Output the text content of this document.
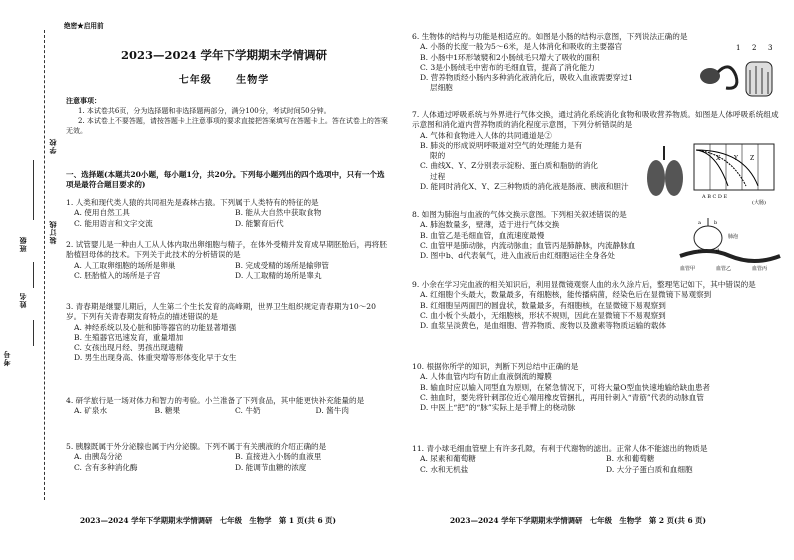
学校
装订线
班级
姓名
考号
绝密★启用前
2023—2024 学年下学期期末学情调研
七年级 生物学
注意事项：

1. 本试卷共6页，分为选择题和非选择题两部分，满分100分，考试时间50分钟。

2. 本试卷上不要答题，请按答题卡上注意事项的要求直接把答案填写在答题卡上。答在试卷上的答案无效。

一、选择题(本题共20小题，每小题1分，共20分。下列每小题列出的四个选项中，只有一个选项是最符合题目要求的)

1. 人类和现代类人猿的共同祖先是森林古猿。下列属于人类特有的特征的是

A. 使用自然工具	B. 能从大自然中获取食物
C. 能用语言和文字交流	D. 能繁育后代

2. 试管婴儿是一种由人工从人体内取出卵细胞与精子，在体外受精并发育成早期胚胎后，再将胚胎植回母体的技术。下列关于此技术的分析错误的是

A. 人工取卵细胞的场所是卵巢	B. 完成受精的场所是输卵管
C. 胚胎植入的场所是子宫	D. 人工取精的场所是睾丸

3. 青春期是继婴儿期后，人生第二个生长发育的高峰期，世界卫生组织规定青春期为10～20岁。下列有关青春期发育特点的描述错误的是

A. 神经系统以及心脏和肺等器官的功能显著增强

B. 生殖器官迅速发育，重量增加

C. 女孩出现月经、男孩出现遗精

D. 男生出现身高、体重突增等形体变化早于女生

4. 研学旅行是一场对体力和智力的考验。小兰准备了下列食品，其中能更快补充能量的是

A. 矿泉水	B. 糖果	C. 牛奶	D. 酱牛肉

5. 胰腺既属于外分泌腺也属于内分泌腺。下列不属于有关胰液的介绍正确的是

A. 由胰岛分泌	B. 直接进入小肠的血液里
C. 含有多种消化酶	D. 能调节血糖的浓度
2023—2024 学年下学期期末学情调研　七年级　生物学　第 1 页(共 6 页)

6. 生物体的结构与功能是相适应的。如图是小肠的结构示意图，下列说法正确的是

A. 小肠的长度一般为5～6米，是人体消化和吸收的主要器官

B. 小肠中1环形皱襞和2小肠绒毛只增大了吸收的面积

C. 3是小肠绒毛中密布的毛细血管，提高了消化能力

D. 营养物质经小肠内多种消化液消化后，吸收入血液需要穿过1

层细胞

1 2 3

7. 人体通过呼吸系统与外界进行气体交换，通过消化系统消化食物和吸收营养物质。如图是人体呼吸系统组成示意图和消化道内营养物质的消化程度示意图，下列分析错误的是

A. 气体和食物进入人体的共同通道是②

B. 肺炎的形成说明呼吸道对空气的处理能力是有

限的

C. 曲线X、Y、Z分别表示淀粉、蛋白质和脂肪的消化

过程

D. 能同时消化X、Y、Z三种物质的消化液是肠液、胰液和胆汁

X Y Z
A B C D E
(大肠)

8. 如图为肺泡与血液的气体交换示意图。下列相关叙述错误的是

A. 肺泡数量多，壁薄，适于进行气体交换

B. 血管乙是毛细血管，血流速度最慢

C. 血管甲是肺动脉，内流动脉血；血管丙是肺静脉，内流静脉血

D. 图中b、d代表氧气，进入血液后由红细胞运往全身各处

a	b
c	d
肺泡
血管甲	血管乙	血管丙

9. 小余在学习完血液的相关知识后，利用显微镜观察人血的永久涂片后，整理笔记如下，其中错误的是

A. 红细胞个头最大，数量最多，有细胞核，能传播病菌，经染色后在显微镜下易观察到

B. 红细胞呈两面凹的圆盘状，数量最多，有细胞核，在显微镜下易观察到

C. 血小板个头最小，无细胞核，形状不规则，因此在显微镜下不易观察到

D. 血浆呈淡黄色，是血细胞、营养物质、废物以及激素等物质运输的载体

10. 根据你所学的知识，判断下列总结中正确的是

A. 人体血管内均有防止血液倒流的瓣膜

B. 输血时应以输入同型血为原则，在紧急情况下，可将大量O型血快速地输给缺血患者

C. 抽血时，要先将针刺部位近心端用橡皮管捆扎，再用针刺入“青筋”代表的动脉血管

D. 中医上“把”的“脉”实际上是手臂上的桡动脉

11. 青小球毛细血管壁上有许多孔隙，有利于代谢物的滤出。正常人体不能滤出的物质是

A. 尿素和葡萄糖	B. 水和葡萄糖
C. 水和无机盐	D. 大分子蛋白质和血细胞
2023—2024 学年下学期期末学情调研　七年级　生物学　第 2 页(共 6 页)
